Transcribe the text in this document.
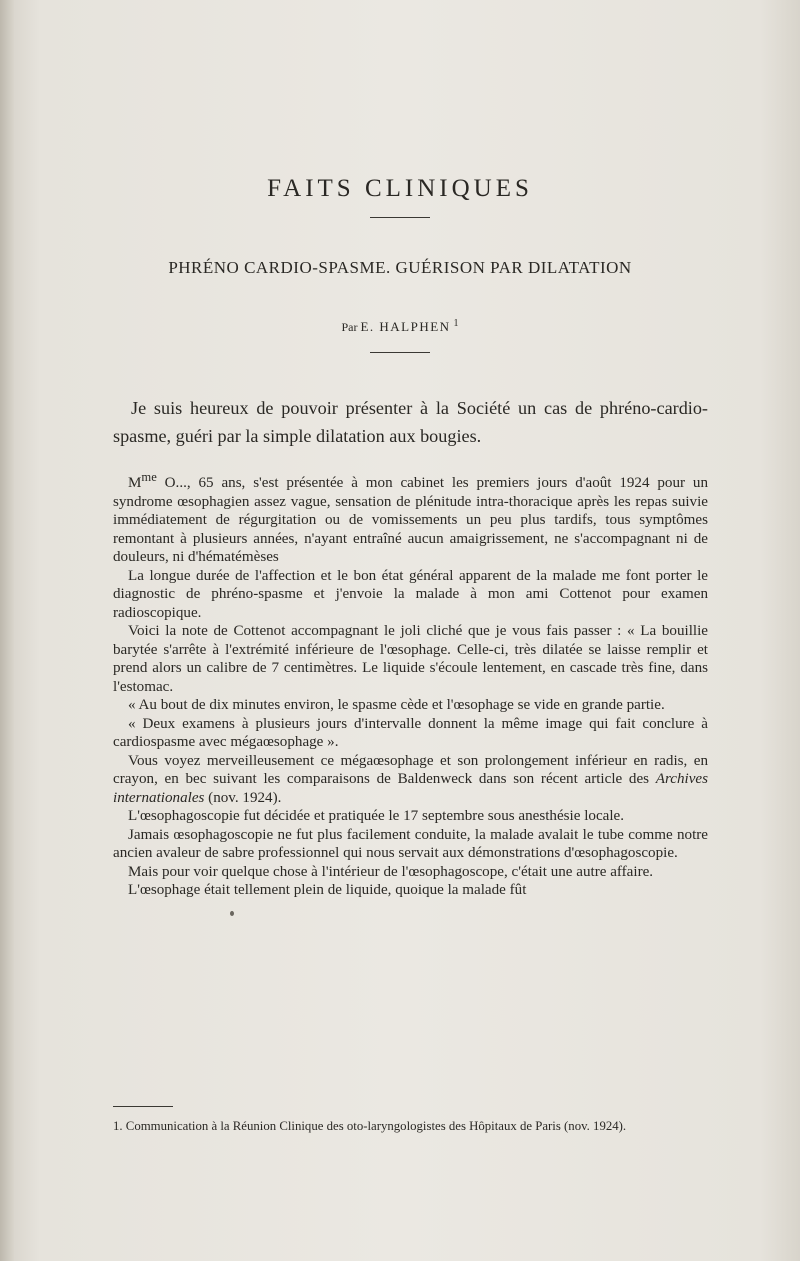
FAITS CLINIQUES
PHRÉNO CARDIO-SPASME. GUÉRISON PAR DILATATION
Par E. HALPHEN $^1$

Je suis heureux de pouvoir présenter à la Société un cas de phréno-cardio-spasme, guéri par la simple dilatation aux bougies.

$M^{me}$ O..., 65 ans, s'est présentée à mon cabinet les premiers jours d'août 1924 pour un syndrome œsophagien assez vague, sensation de plénitude intra-thoracique après les repas suivie immédiatement de régurgitation ou de vomissements un peu plus tardifs, tous symptômes remontant à plusieurs années, n'ayant entraîné aucun amaigrissement, ne s'accompagnant ni de douleurs, ni d'hématémèses

La longue durée de l'affection et le bon état général apparent de la malade me font porter le diagnostic de phréno-spasme et j'envoie la malade à mon ami Cottenot pour examen radioscopique.

Voici la note de Cottenot accompagnant le joli cliché que je vous fais passer : « La bouillie barytée s'arrête à l'extrémité inférieure de l'œsophage. Celle-ci, très dilatée se laisse remplir et prend alors un calibre de 7 centimètres. Le liquide s'écoule lentement, en cascade très fine, dans l'estomac.

« Au bout de dix minutes environ, le spasme cède et l'œsophage se vide en grande partie.

« Deux examens à plusieurs jours d'intervalle donnent la même image qui fait conclure à cardiospasme avec mégaœsophage ».

Vous voyez merveilleusement ce mégaœsophage et son prolongement inférieur en radis, en crayon, en bec suivant les comparaisons de Baldenweck dans son récent article des Archives internationales (nov. 1924).

L'œsophagoscopie fut décidée et pratiquée le 17 septembre sous anesthésie locale.

Jamais œsophagoscopie ne fut plus facilement conduite, la malade avalait le tube comme notre ancien avaleur de sabre professionnel qui nous servait aux démonstrations d'œsophagoscopie.

Mais pour voir quelque chose à l'intérieur de l'œsophagoscope, c'était une autre affaire.

L'œsophage était tellement plein de liquide, quoique la malade fût

1. Communication à la Réunion Clinique des oto-laryngologistes des Hôpitaux de Paris (nov. 1924).
